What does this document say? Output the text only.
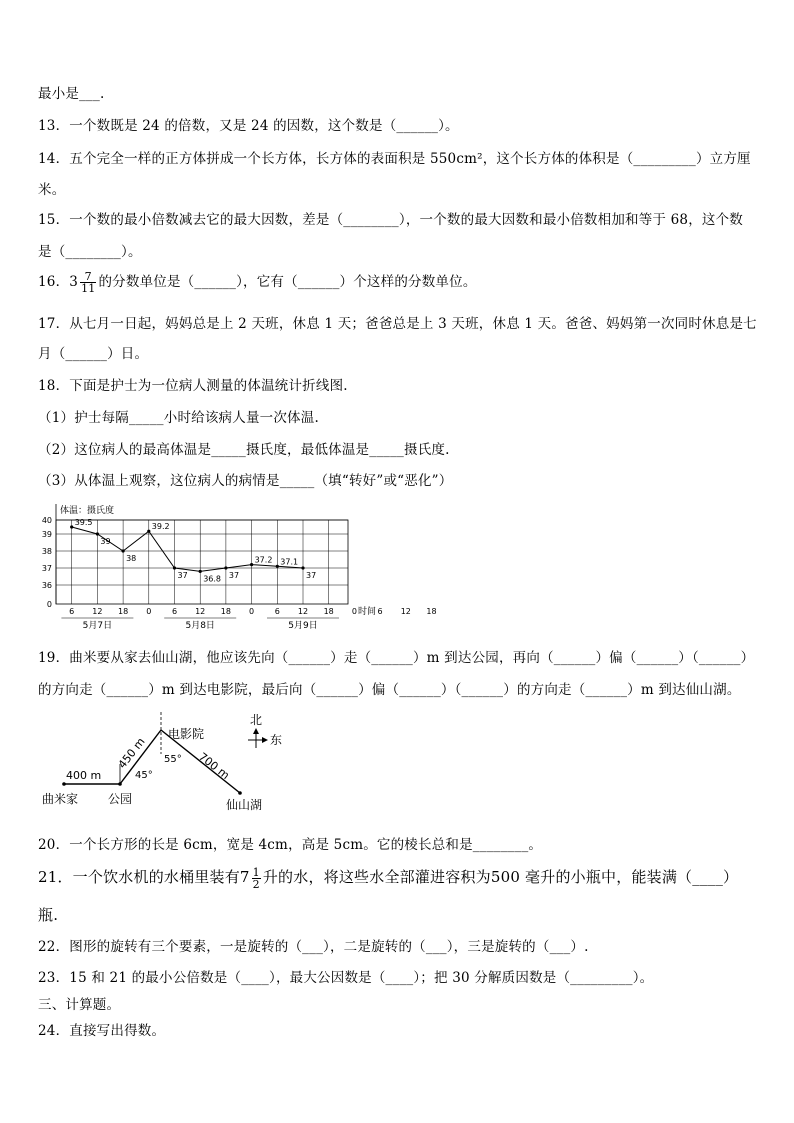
最小是___.
13．一个数既是 24 的倍数，又是 24 的因数，这个数是（______）。
14．五个完全一样的正方体拼成一个长方体，长方体的表面积是 550cm²，这个长方体的体积是（_________）立方厘
米。
15．一个数的最小倍数减去它的最大因数，差是（________），一个数的最大因数和最小倍数相加和等于 68，这个数
是（________）。
16．$3 \frac{7}{11}$ 的分数单位是（______），它有（______）个这样的分数单位。
17．从七月一日起，妈妈总是上 2 天班，休息 1 天；爸爸总是上 3 天班，休息 1 天。爸爸、妈妈第一次同时休息是七
月（______）日。
18．下面是护士为一位病人测量的体温统计折线图.
（1）护士每隔_____小时给该病人量一次体温.
（2）这位病人的最高体温是_____摄氏度，最低体温是_____摄氏度.
（3）从体温上观察，这位病人的病情是_____（填“转好”或“恶化”）
0
36
37
38
39
40
体温：摄氏度
时间
6 12 18 0	6 12 18 0	6 12 18 0	6 12 18
5月7日	5月8日	5月9日
39.5
39
38
39.2
37 36.8 37
37.2 37.1
37
19．曲米要从家去仙山湖，他应该先向（______）走（______）m 到达公园，再向（______）偏（______）（______）
的方向走（______）m 到达电影院，最后向（______）偏（______）（______）的方向走（______）m 到达仙山湖。
400 m
450 m	700 m
45°
55°
曲米家 公园
电影院
仙山湖
北
东
20．一个长方形的长是 6cm，宽是 4cm，高是 5cm。它的棱长总和是________。
21．一个饮水机的水桶里装有$7 \frac{1}{2}$ 升的水，将这些水全部灌进容积为500 毫升的小瓶中，能装满（____）
瓶.
22．图形的旋转有三个要素，一是旋转的（___），二是旋转的（___），三是旋转的（___）.
23．15 和 21 的最小公倍数是（____），最大公因数是（____）；把 30 分解质因数是（_________）。
三、计算题。
24．直接写出得数。
